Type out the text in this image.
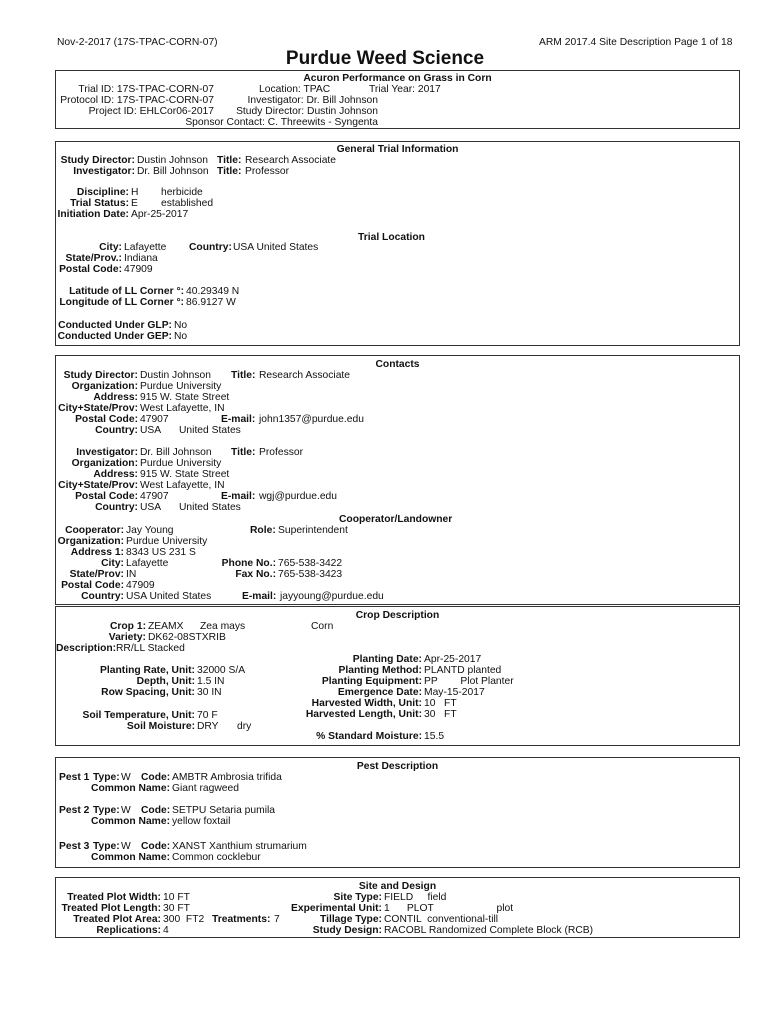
Nov-2-2017 (17S-TPAC-CORN-07)	ARM 2017.4 Site Description Page 1 of 18
Purdue Weed Science
Acuron Performance on Grass in Corn
Trial ID: 17S-TPAC-CORN-07
Protocol ID: 17S-TPAC-CORN-07
Project ID: EHLCor06-2017
Location: TPAC	Trial Year: 2017
Investigator: Dr. Bill Johnson
Study Director: Dustin Johnson
Sponsor Contact: C. Threewits - Syngenta
General Trial Information
Study Director: Dustin Johnson Title: Research Associate
Investigator: Dr. Bill Johnson Title: Professor
Discipline: H herbicide
Trial Status: E established
Initiation Date: Apr-25-2017
Trial Location
City: Lafayette Country: USA United States
State/Prov.: Indiana
Postal Code: 47909
Latitude of LL Corner °: 40.29349 N
Longitude of LL Corner °: 86.9127 W
Conducted Under GLP: No
Conducted Under GEP: No
Contacts
Study Director: Dustin Johnson Title: Research Associate
Organization: Purdue University
Address: 915 W. State Street
City+State/Prov: West Lafayette, IN
Postal Code: 47907	E-mail: john1357@purdue.edu
Country: USA United States
Investigator: Dr. Bill Johnson Title: Professor
Organization: Purdue University
Address: 915 W. State Street
City+State/Prov: West Lafayette, IN
Postal Code: 47907	E-mail: wgj@purdue.edu
Country: USA United States
Cooperator/Landowner
Cooperator: Jay Young	Role: Superintendent
Organization: Purdue University
Address 1: 8343 US 231 S
City: Lafayette	Phone No.: 765-538-3422
State/Prov: IN	Fax No.: 765-538-3423
Postal Code: 47909
Country: USA United States	E-mail: jayyoung@purdue.edu
Crop Description
Crop 1: ZEAMX Zea mays	Corn
Variety: DK62-08STXRIB
Description: RR/LL Stacked
Planting Rate, Unit: 32000 S/A
Depth, Unit: 1.5 IN
Row Spacing, Unit: 30 IN
Soil Temperature, Unit: 70 F
Soil Moisture: DRY dry
Planting Date: Apr-25-2017
Planting Method: PLANTD planted
Planting Equipment: PP        Plot Planter
Emergence Date: May-15-2017
Harvested Width, Unit: 10   FT
Harvested Length, Unit: 30   FT
% Standard Moisture: 15.5
Pest Description
Pest 1 Type: W Code: AMBTR Ambrosia trifida
Common Name: Giant ragweed
Pest 2 Type: W Code: SETPU Setaria pumila
Common Name: yellow foxtail
Pest 3 Type: W Code: XANST Xanthium strumarium
Common Name: Common cocklebur
Site and Design
Treated Plot Width: 10 FT
Treated Plot Length: 30 FT
Treated Plot Area: 300  FT2 Treatments: 7
Replications: 4
Site Type: FIELD     field
Experimental Unit: 1      PLOT                      plot
Tillage Type: CONTIL  conventional-till
Study Design: RACOBL Randomized Complete Block (RCB)
